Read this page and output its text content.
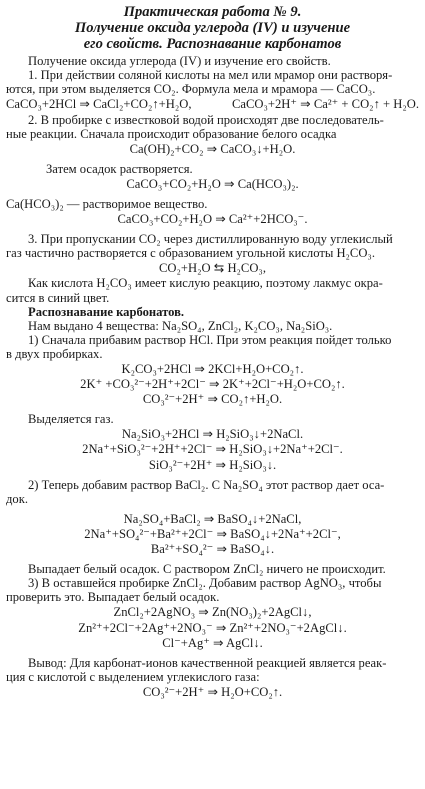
Практическая работа № 9.

Получение оксида углерода (IV) и изучение

его свойств. Распознавание карбонатов

Получение оксида углерода (IV) и изучение его свойств.

1. При действии соляной кислоты на мел или мрамор они растворя-

ются, при этом выделяется CO₂. Формула мела и мрамора — CaCO₃.

CaCO₃+2HCl ⇒ CaCl₂+CO₂↑+H₂O,	CaCO₃+2H⁺ ⇒ Ca²⁺ + CO₂↑ + H₂O.

2. В пробирке с известковой водой происходят две последователь-

ные реакции. Сначала происходит образование белого осадка

Ca(OH)₂+CO₂ ⇒ CaCO₃↓+H₂O.

Затем осадок растворяется.

CaCO₃+CO₂+H₂O ⇒ Ca(HCO₃)₂.

Ca(HCO₃)₂ — растворимое вещество.

CaCO₃+CO₂+H₂O ⇒ Ca²⁺+2HCO₃⁻.

3. При пропускании CO₂ через дистиллированную воду углекислый

газ частично растворяется с образованием угольной кислоты H₂CO₃.

CO₂+H₂O ⇆ H₂CO₃,

Как кислота H₂CO₃ имеет кислую реакцию, поэтому лакмус окра-

сится в синий цвет.

Распознавание карбонатов.

Нам выдано 4 вещества: Na₂SO₄, ZnCl₂, K₂CO₃, Na₂SiO₃.

1) Сначала прибавим раствор HCl. При этом реакция пойдет только

в двух пробирках.

K₂CO₃+2HCl ⇒ 2KCl+H₂O+CO₂↑.

2K⁺ +CO₃²⁻+2H⁺+2Cl⁻ ⇒ 2K⁺+2Cl⁻+H₂O+CO₂↑.

CO₃²⁻+2H⁺ ⇒ CO₂↑+H₂O.

Выделяется газ.

Na₂SiO₃+2HCl ⇒ H₂SiO₃↓+2NaCl.

2Na⁺+SiO₃²⁻+2H⁺+2Cl⁻ ⇒ H₂SiO₃↓+2Na⁺+2Cl⁻.

SiO₃²⁻+2H⁺ ⇒ H₂SiO₃↓.

2) Теперь добавим раствор BaCl₂. С Na₂SO₄ этот раствор дает оса-

док.

Na₂SO₄+BaCl₂ ⇒ BaSO₄↓+2NaCl,

2Na⁺+SO₄²⁻+Ba²⁺+2Cl⁻ ⇒ BaSO₄↓+2Na⁺+2Cl⁻,

Ba²⁺+SO₄²⁻ ⇒ BaSO₄↓.

Выпадает белый осадок. С раствором ZnCl₂ ничего не происходит.

3) В оставшейся пробирке ZnCl₂. Добавим раствор AgNO₃, чтобы

проверить это. Выпадает белый осадок.

ZnCl₂+2AgNO₃ ⇒ Zn(NO₃)₂+2AgCl↓,

Zn²⁺+2Cl⁻+2Ag⁺+2NO₃⁻ ⇒ Zn²⁺+2NO₃⁻+2AgCl↓.

Cl⁻+Ag⁺ ⇒ AgCl↓.

Вывод: Для карбонат-ионов качественной реакцией является реак-

ция с кислотой с выделением углекислого газа:

CO₃²⁻+2H⁺ ⇒ H₂O+CO₂↑.
